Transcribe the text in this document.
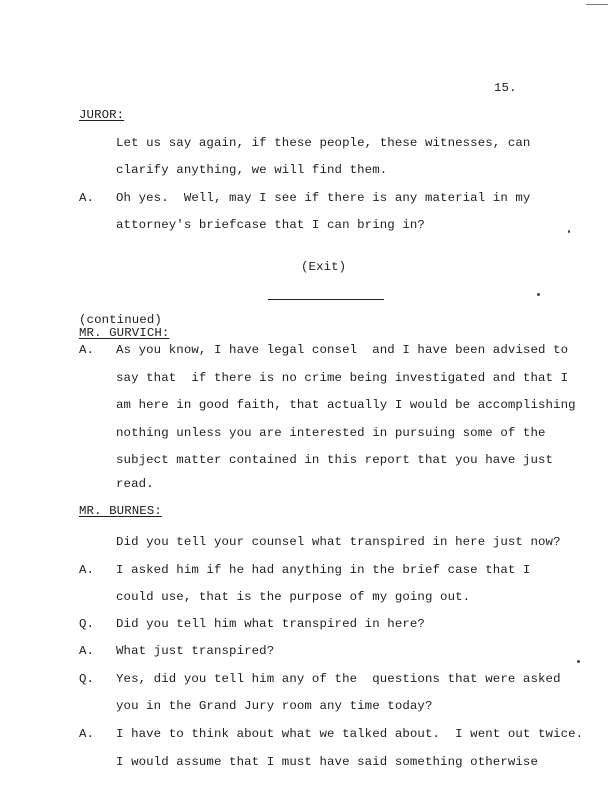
15.
JUROR:
Let us say again, if these people, these witnesses, can
clarify anything, we will find them.
A. Oh yes.  Well, may I see if there is any material in my
attorney's briefcase that I can bring in?
(Exit)
(continued)
MR. GURVICH:
A. As you know, I have legal consel  and I have been advised to
say that  if there is no crime being investigated and that I
am here in good faith, that actually I would be accomplishing
nothing unless you are interested in pursuing some of the
subject matter contained in this report that you have just
read.
MR. BURNES:
Did you tell your counsel what transpired in here just now?
A. I asked him if he had anything in the brief case that I
could use, that is the purpose of my going out.
Q. Did you tell him what transpired in here?
A. What just transpired?
Q. Yes, did you tell him any of the  questions that were asked
you in the Grand Jury room any time today?
A. I have to think about what we talked about.  I went out twice.
I would assume that I must have said something otherwise
